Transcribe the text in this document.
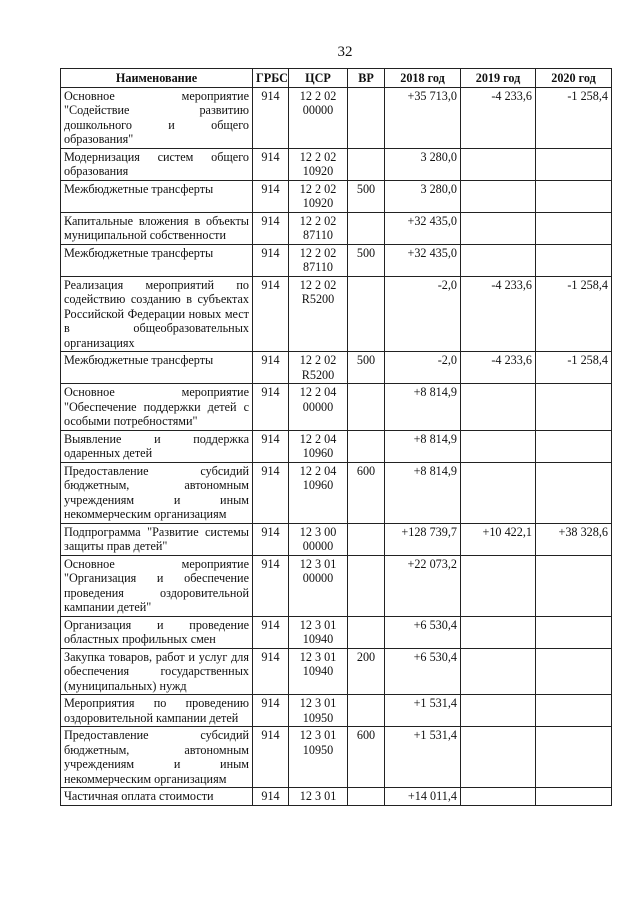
32
Наименование	ГРБС	ЦСР	ВР	2018 год	2019 год	2020 год
Основное мероприятие "Содействие развитию дошкольного и общего образования"	914	12 2 02 00000		+35 713,0	-4 233,6	-1 258,4
Модернизация систем общего образования	914	12 2 02 10920		3 280,0		
Межбюджетные трансферты	914	12 2 02 10920	500	3 280,0		
Капитальные вложения в объекты муниципальной собственности	914	12 2 02 87110		+32 435,0		
Межбюджетные трансферты	914	12 2 02 87110	500	+32 435,0		
Реализация мероприятий по содействию созданию в субъектах Российской Федерации новых мест в общеобразовательных организациях	914	12 2 02 R5200		-2,0	-4 233,6	-1 258,4
Межбюджетные трансферты	914	12 2 02 R5200	500	-2,0	-4 233,6	-1 258,4
Основное мероприятие "Обеспечение поддержки детей с особыми потребностями"	914	12 2 04 00000		+8 814,9		
Выявление и поддержка одаренных детей	914	12 2 04 10960		+8 814,9		
Предоставление субсидий бюджетным, автономным учреждениям и иным некоммерческим организациям	914	12 2 04 10960	600	+8 814,9		
Подпрограмма "Развитие системы защиты прав детей"	914	12 3 00 00000		+128 739,7	+10 422,1	+38 328,6
Основное мероприятие "Организация и обеспечение проведения оздоровительной кампании детей"	914	12 3 01 00000		+22 073,2		
Организация и проведение областных профильных смен	914	12 3 01 10940		+6 530,4		
Закупка товаров, работ и услуг для обеспечения государственных (муниципальных) нужд	914	12 3 01 10940	200	+6 530,4		
Мероприятия по проведению оздоровительной кампании детей	914	12 3 01 10950		+1 531,4		
Предоставление субсидий бюджетным, автономным учреждениям и иным некоммерческим организациям	914	12 3 01 10950	600	+1 531,4		
Частичная оплата стоимости	914	12 3 01		+14 011,4		
